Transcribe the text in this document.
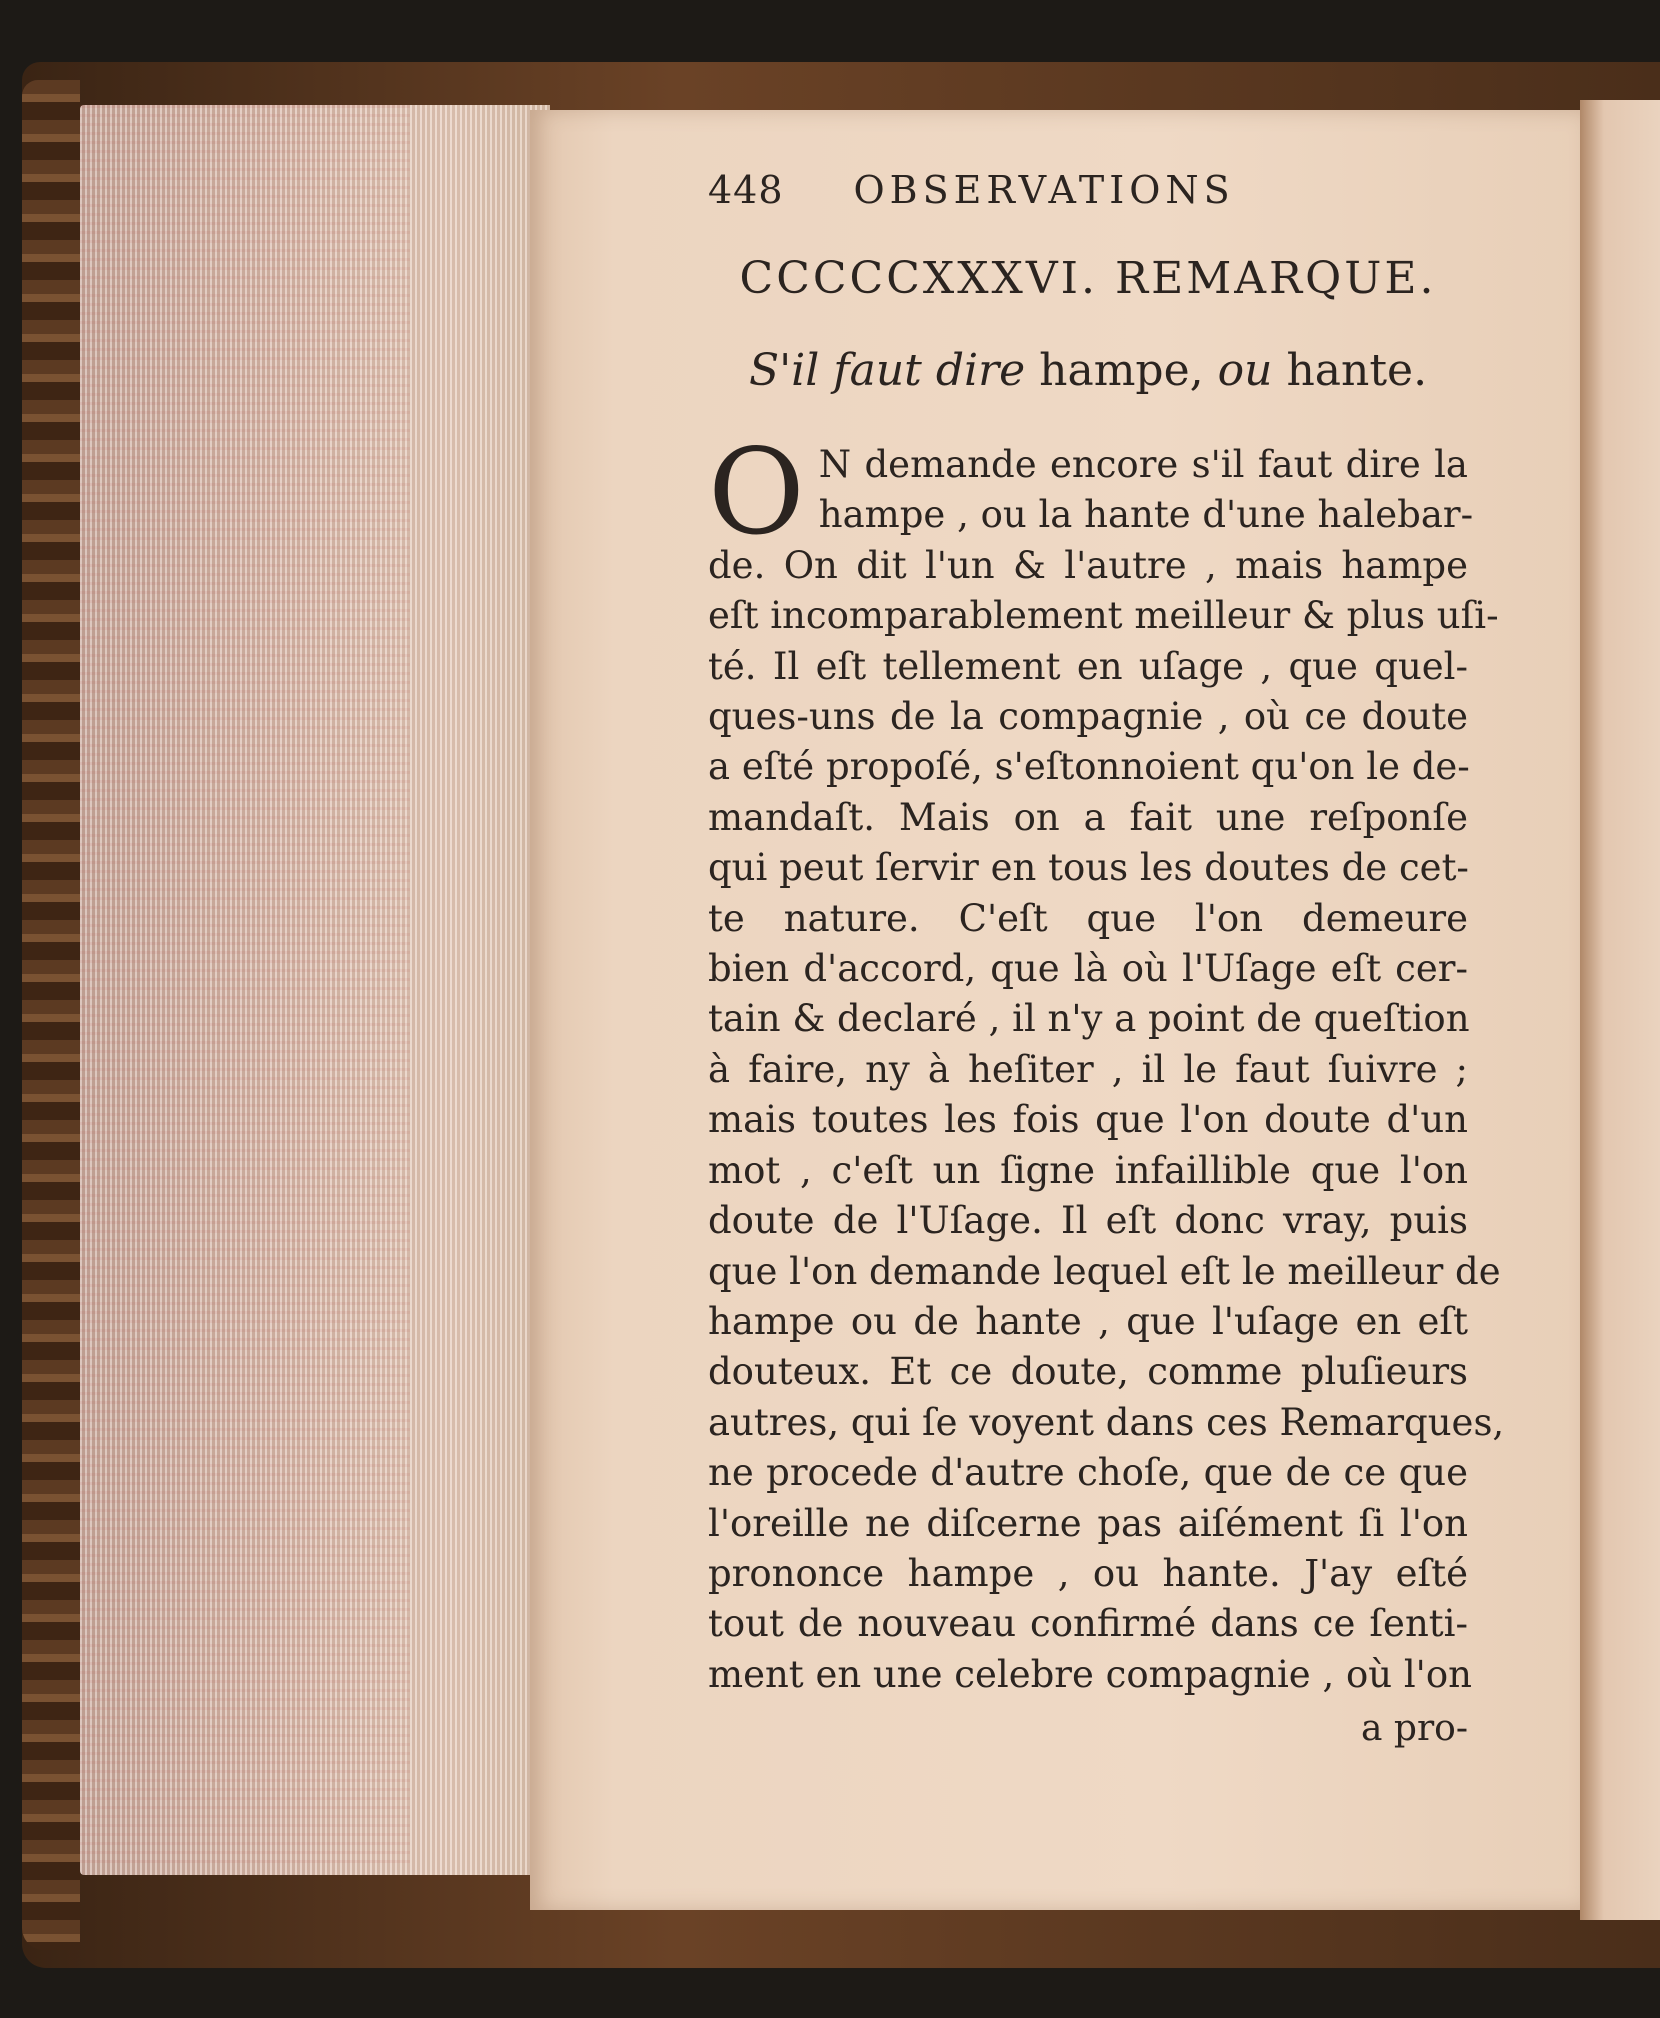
448 OBSERVATIONS
CCCCCXXXVI. REMARQUE.
S'il faut dire hampe, ou hante.
O N demande encore s'il faut dire la
hampe , ou la hante d'une halebar-
de. On dit l'un & l'autre , mais hampe
eſt incomparablement meilleur & plus uſi-
té. Il eſt tellement en uſage , que quel-
ques-uns de la compagnie , où ce doute
a eſté propoſé, s'eſtonnoient qu'on le de-
mandaſt. Mais on a fait une reſponſe
qui peut ſervir en tous les doutes de cet-
te nature. C'eſt que l'on demeure
bien d'accord, que là où l'Uſage eſt cer-
tain & declaré , il n'y a point de queſtion
à faire, ny à heſiter , il le faut ſuivre ;
mais toutes les fois que l'on doute d'un
mot , c'eſt un ſigne infaillible que l'on
doute de l'Uſage. Il eſt donc vray, puis
que l'on demande lequel eſt le meilleur de
hampe ou de hante , que l'uſage en eſt
douteux. Et ce doute, comme pluſieurs
autres, qui ſe voyent dans ces Remarques,
ne procede d'autre choſe, que de ce que
l'oreille ne diſcerne pas aiſément ſi l'on
prononce hampe , ou hante. J'ay eſté
tout de nouveau confirmé dans ce ſenti-
ment en une celebre compagnie , où l'on
a pro-
